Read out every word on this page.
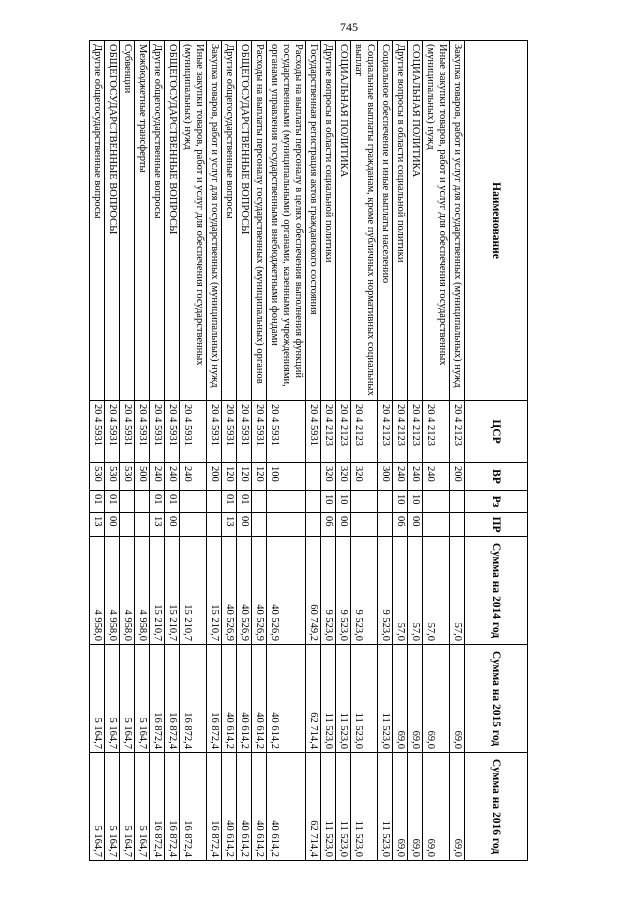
745
Наименование	ЦСР	ВР	Рз	ПР	Сумма на 2014 год	Сумма на 2015 год	Сумма на 2016 год
Закупка товаров, работ и услуг для государственных (муниципальных) нужд	20 4 2123	200			57,0	69,0	69,0
Иные закупки товаров, работ и услуг для обеспечения государственных (муниципальных) нужд	20 4 2123	240			57,0	69,0	69,0
СОЦИАЛЬНАЯ ПОЛИТИКА	20 4 2123	240	10	00	57,0	69,0	69,0
Другие вопросы в области социальной политики	20 4 2123	240	10	06	57,0	69,0	69,0
Социальное обеспечение и иные выплаты населению	20 4 2123	300			9 523,0	11 523,0	11 523,0
Социальные выплаты гражданам, кроме публичных нормативных социальных выплат	20 4 2123	320			9 523,0	11 523,0	11 523,0
СОЦИАЛЬНАЯ ПОЛИТИКА	20 4 2123	320	10	00	9 523,0	11 523,0	11 523,0
Другие вопросы в области социальной политики	20 4 2123	320	10	06	9 523,0	11 523,0	11 523,0
Государственная регистрация актов гражданского состояния	20 4 5931				60 749,2	62 714,4	62 714,4
Расходы на выплаты персоналу в целях обеспечения выполнения функций государственными (муниципальными) органами, казенными учреждениями, органами управления государственными внебюджетными фондами	20 4 5931	100			40 526,9	40 614,2	40 614,2
Расходы на выплаты персоналу государственных (муниципальных) органов	20 4 5931	120			40 526,9	40 614,2	40 614,2
ОБЩЕГОСУДАРСТВЕННЫЕ ВОПРОСЫ	20 4 5931	120	01	00	40 526,9	40 614,2	40 614,2
Другие общегосударственные вопросы	20 4 5931	120	01	13	40 526,9	40 614,2	40 614,2
Закупка товаров, работ и услуг для государственных (муниципальных) нужд	20 4 5931	200			15 210,7	16 872,4	16 872,4
Иные закупки товаров, работ и услуг для обеспечения государственных (муниципальных) нужд	20 4 5931	240			15 210,7	16 872,4	16 872,4
ОБЩЕГОСУДАРСТВЕННЫЕ ВОПРОСЫ	20 4 5931	240	01	00	15 210,7	16 872,4	16 872,4
Другие общегосударственные вопросы	20 4 5931	240	01	13	15 210,7	16 872,4	16 872,4
Межбюджетные трансферты	20 4 5931	500			4 958,0	5 164,7	5 164,7
Субвенции	20 4 5931	530			4 958,0	5 164,7	5 164,7
ОБЩЕГОСУДАРСТВЕННЫЕ ВОПРОСЫ	20 4 5931	530	01	00	4 958,0	5 164,7	5 164,7
Другие общегосударственные вопросы	20 4 5931	530	01	13	4 958,0	5 164,7	5 164,7
